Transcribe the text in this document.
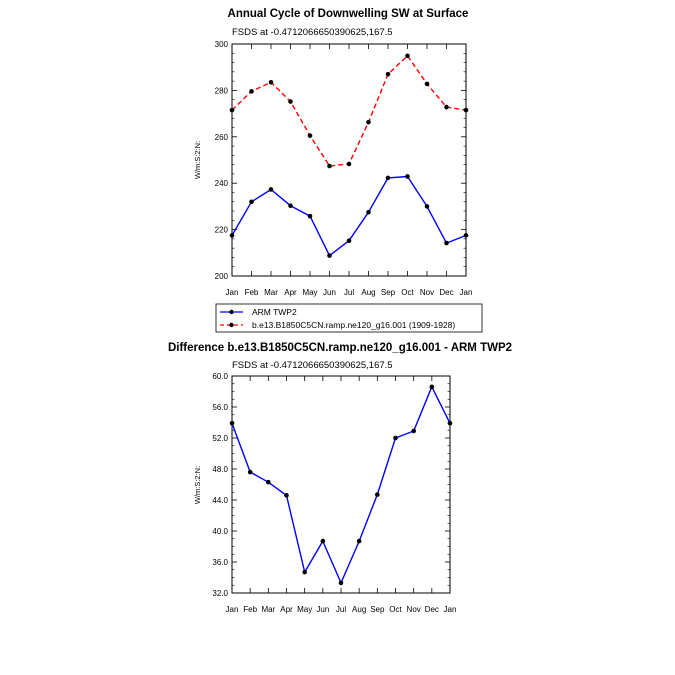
Annual Cycle of Downwelling SW at Surface
FSDS at -0.4712066650390625,167.5
W/m:S:2:N:
Difference b.e13.B1850C5CN.ramp.ne120_g16.001 - ARM TWP2
FSDS at -0.4712066650390625,167.5
W/m:S:2:N:
ARM TWP2
b.e13.B1850C5CN.ramp.ne120_g16.001 (1909-1928)
Jan Feb Mar Apr May Jun Jul Aug Sep Oct Nov Dec Jan
200
220
240
260
280
300
Jan Feb Mar Apr May Jun Jul Aug Sep Oct Nov Dec Jan
32.0
36.0
40.0
44.0
48.0
52.0
56.0
60.0
